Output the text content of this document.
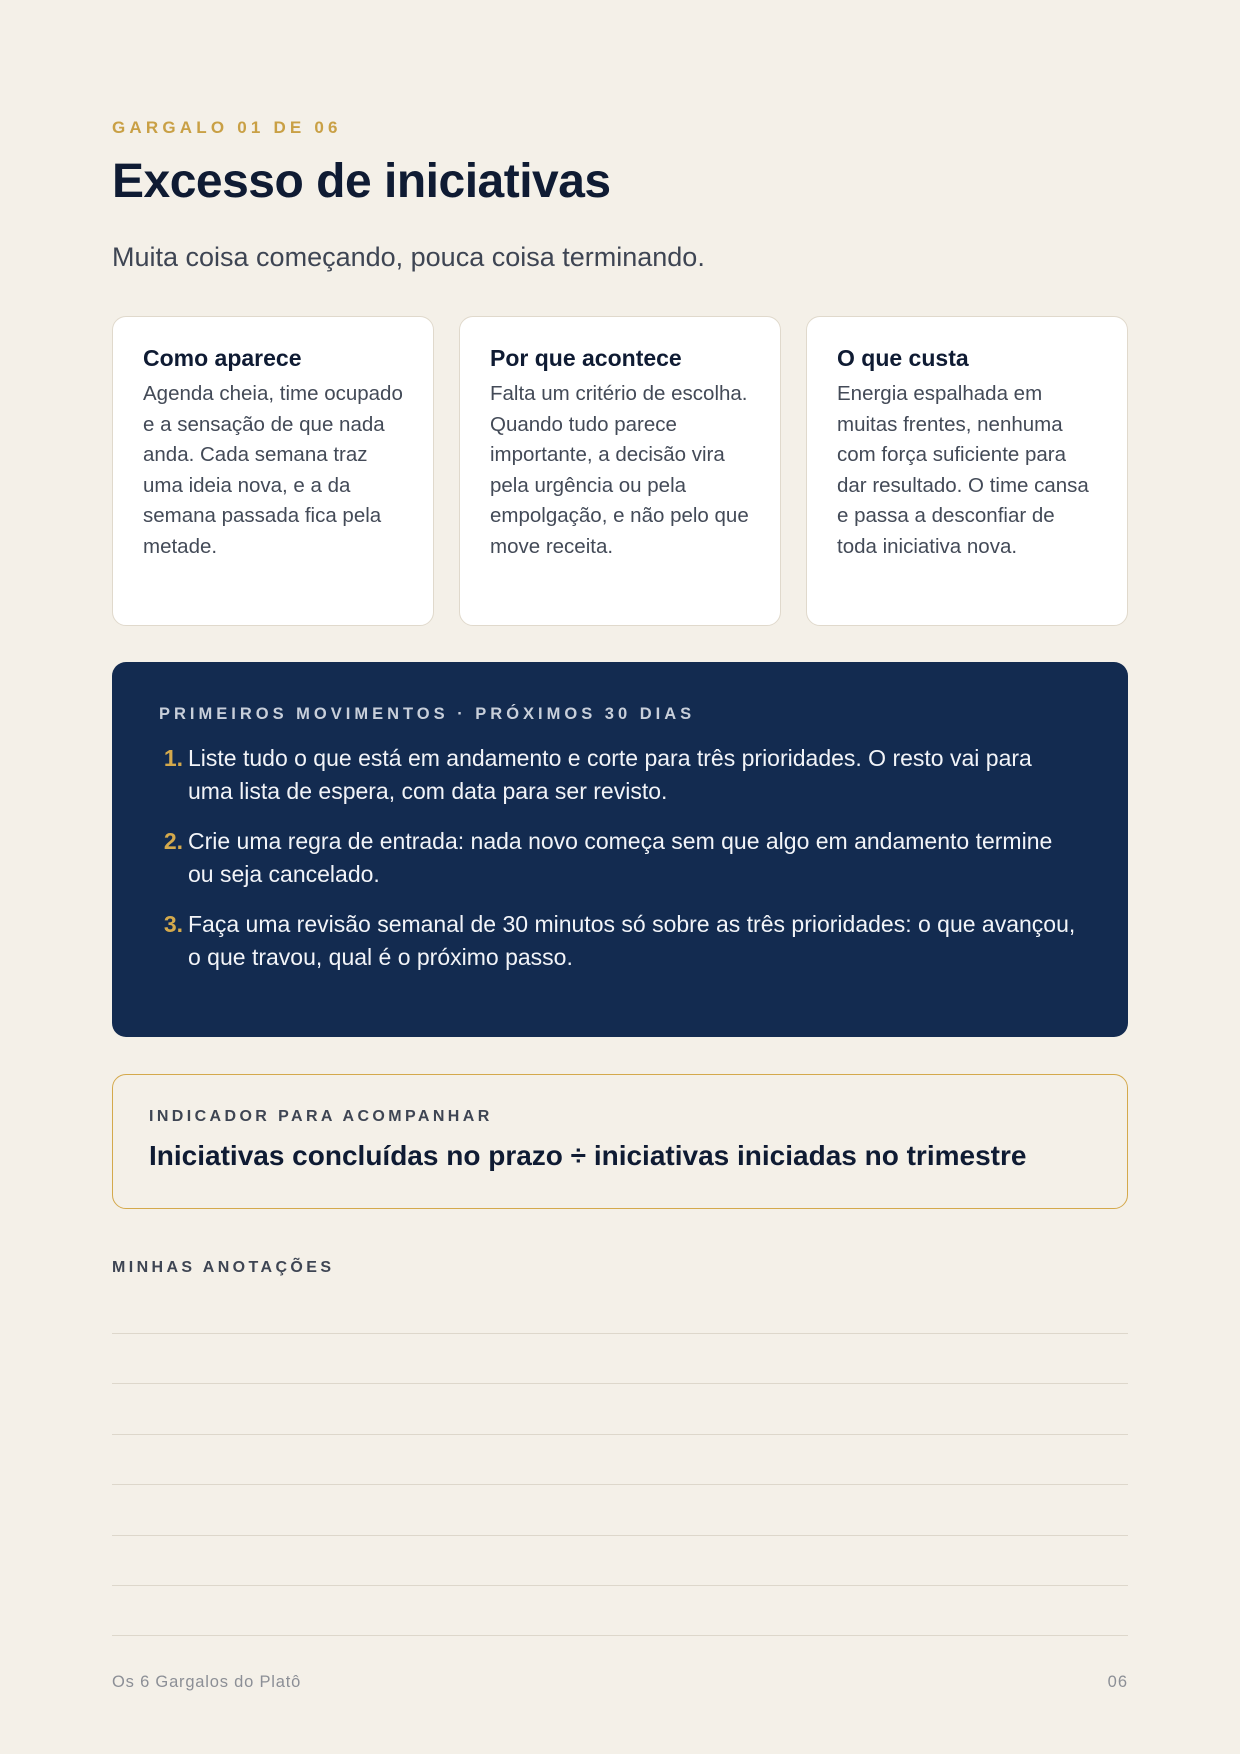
GARGALO 01 DE 06
Excesso de iniciativas
Muita coisa começando, pouca coisa terminando.
Como aparece

Agenda cheia, time ocupado e a sensação de que nada anda. Cada semana traz uma ideia nova, e a da semana passada fica pela metade.

Por que acontece

Falta um critério de escolha. Quando tudo parece importante, a decisão vira pela urgência ou pela empolgação, e não pelo que move receita.

O que custa

Energia espalhada em muitas frentes, nenhuma com força suficiente para dar resultado. O time cansa e passa a desconfiar de toda iniciativa nova.

PRIMEIROS MOVIMENTOS · PRÓXIMOS 30 DIAS
1. Liste tudo o que está em andamento e corte para três prioridades. O resto vai para uma lista de espera, com data para ser revisto.
2. Crie uma regra de entrada: nada novo começa sem que algo em andamento termine ou seja cancelado.
3. Faça uma revisão semanal de 30 minutos só sobre as três prioridades: o que avançou, o que travou, qual é o próximo passo.
INDICADOR PARA ACOMPANHAR
Iniciativas concluídas no prazo ÷ iniciativas iniciadas no trimestre
MINHAS ANOTAÇÕES
Os 6 Gargalos do Platô	06
